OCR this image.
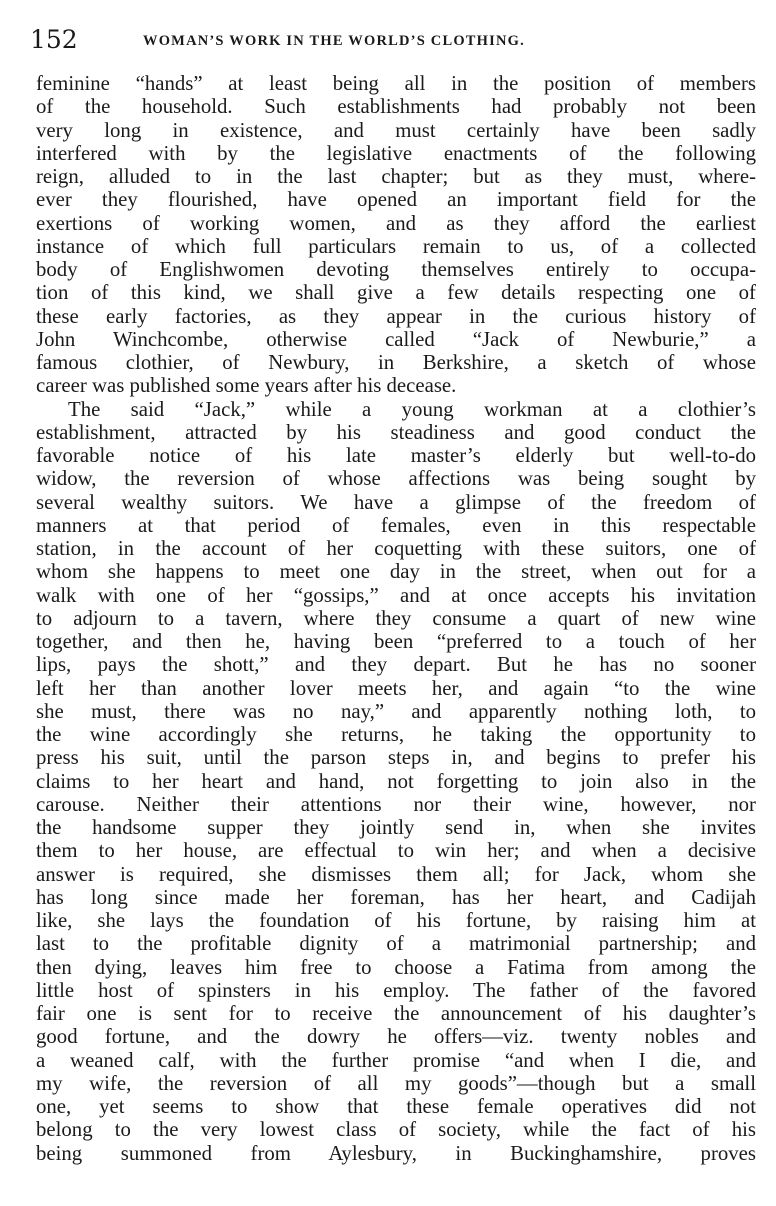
152	WOMAN’S WORK IN THE WORLD’S CLOTHING.
feminine “hands” at least being all in the position of members
of the household. Such establishments had probably not been
very long in existence, and must certainly have been sadly
interfered with by the legislative enactments of the following
reign, alluded to in the last chapter; but as they must, where-
ever they flourished, have opened an important field for the
exertions of working women, and as they afford the earliest
instance of which full particulars remain to us, of a collected
body of Englishwomen devoting themselves entirely to occupa-
tion of this kind, we shall give a few details respecting one of
these early factories, as they appear in the curious history of
John Winchcombe, otherwise called “Jack of Newburie,” a
famous clothier, of Newbury, in Berkshire, a sketch of whose
career was published some years after his decease.
The said “Jack,” while a young workman at a clothier’s
establishment, attracted by his steadiness and good conduct the
favorable notice of his late master’s elderly but well-to-do
widow, the reversion of whose affections was being sought by
several wealthy suitors. We have a glimpse of the freedom of
manners at that period of females, even in this respectable
station, in the account of her coquetting with these suitors, one of
whom she happens to meet one day in the street, when out for a
walk with one of her “gossips,” and at once accepts his invitation
to adjourn to a tavern, where they consume a quart of new wine
together, and then he, having been “preferred to a touch of her
lips, pays the shott,” and they depart. But he has no sooner
left her than another lover meets her, and again “to the wine
she must, there was no nay,” and apparently nothing loth, to
the wine accordingly she returns, he taking the opportunity to
press his suit, until the parson steps in, and begins to prefer his
claims to her heart and hand, not forgetting to join also in the
carouse. Neither their attentions nor their wine, however, nor
the handsome supper they jointly send in, when she invites
them to her house, are effectual to win her; and when a decisive
answer is required, she dismisses them all; for Jack, whom she
has long since made her foreman, has her heart, and Cadijah
like, she lays the foundation of his fortune, by raising him at
last to the profitable dignity of a matrimonial partnership; and
then dying, leaves him free to choose a Fatima from among the
little host of spinsters in his employ. The father of the favored
fair one is sent for to receive the announcement of his daughter’s
good fortune, and the dowry he offers—viz. twenty nobles and
a weaned calf, with the further promise “and when I die, and
my wife, the reversion of all my goods”—though but a small
one, yet seems to show that these female operatives did not
belong to the very lowest class of society, while the fact of his
being summoned from Aylesbury, in Buckinghamshire, proves
